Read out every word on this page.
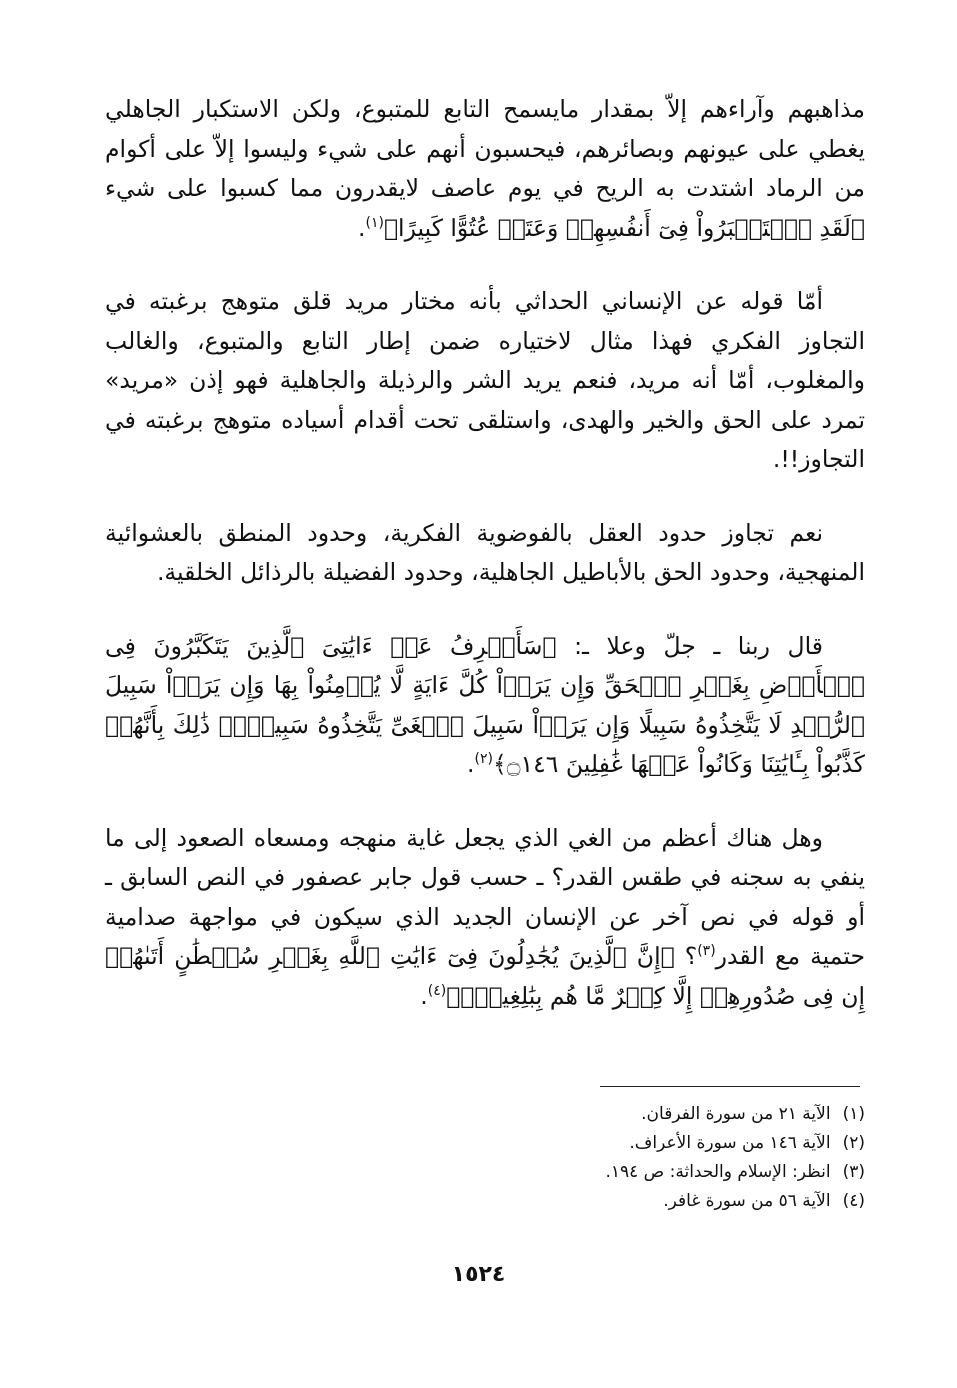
مذاهبهم وآراءهم إلاّ بمقدار مايسمح التابع للمتبوع، ولكن الاستكبار الجاهلي يغطي على عيونهم وبصائرهم، فيحسبون أنهم على شيء وليسوا إلاّ على أكوام من الرماد اشتدت به الريح في يوم عاصف لايقدرون مما كسبوا على شيء ﴿لَقَدِ ٱسۡتَكۡبَرُواْ فِىٓ أَنفُسِهِمۡ وَعَتَوۡ عُتُوًّا كَبِيرًا﴾$^{(١)}$.

أمّا قوله عن الإنساني الحداثي بأنه مختار مريد قلق متوهج برغبته في التجاوز الفكري فهذا مثال لاختياره ضمن إطار التابع والمتبوع، والغالب والمغلوب، أمّا أنه مريد، فنعم يريد الشر والرذيلة والجاهلية فهو إذن «مريد» تمرد على الحق والخير والهدى، واستلقى تحت أقدام أسياده متوهج برغبته في التجاوز!!.

نعم تجاوز حدود العقل بالفوضوية الفكرية، وحدود المنطق بالعشوائية المنهجية، وحدود الحق بالأباطيل الجاهلية، وحدود الفضيلة بالرذائل الخلقية.

قال ربنا ـ جلّ وعلا ـ: ﴿سَأَصۡرِفُ عَنۡ ءَايَٰتِىَ ٱلَّذِينَ يَتَكَبَّرُونَ فِى ٱلۡأَرۡضِ بِغَيۡرِ ٱلۡحَقِّ وَإِن يَرَوۡاْ كُلَّ ءَايَةٍ لَّا يُؤۡمِنُواْ بِهَا وَإِن يَرَوۡاْ سَبِيلَ ٱلرُّشۡدِ لَا يَتَّخِذُوهُ سَبِيلًا وَإِن يَرَوۡاْ سَبِيلَ ٱلۡغَىِّ يَتَّخِذُوهُ سَبِيلًاۚ ذَٰلِكَ بِأَنَّهُمۡ كَذَّبُواْ بِـَٔايَٰتِنَا وَكَانُواْ عَنۡهَا غَٰفِلِينَ ۝١٤٦﴾$^{(٢)}$.

وهل هناك أعظم من الغي الذي يجعل غاية منهجه ومسعاه الصعود إلى ما ينفي به سجنه في طقس القدر؟ ـ حسب قول جابر عصفور في النص السابق ـ أو قوله في نص آخر عن الإنسان الجديد الذي سيكون في مواجهة صدامية حتمية مع القدر$^{(٣)}$؟ ﴿إِنَّ ٱلَّذِينَ يُجَٰدِلُونَ فِىٓ ءَايَٰتِ ٱللَّهِ بِغَيۡرِ سُلۡطَٰنٍ أَتَىٰهُمۡ إِن فِى صُدُورِهِمۡ إِلَّا كِبۡرٌ مَّا هُم بِبَٰلِغِيهِۚ﴾$^{(٤)}$.

(١)
الآية ٢١ من سورة الفرقان.
(٢)
الآية ١٤٦ من سورة الأعراف.
(٣)
انظر: الإسلام والحداثة: ص ١٩٤.
(٤)
الآية ٥٦ من سورة غافر.
١٥٢٤
